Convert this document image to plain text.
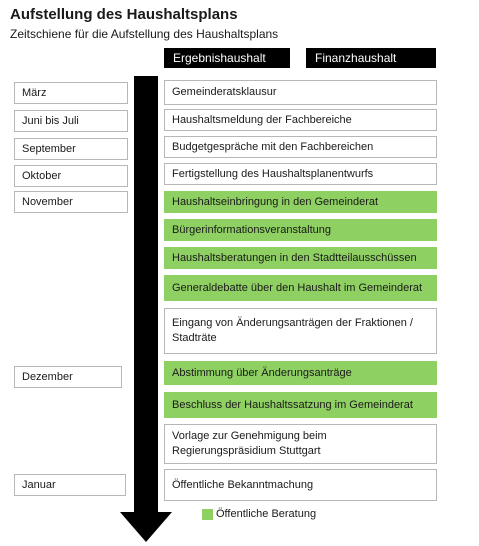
Aufstellung des Haushaltsplans
Zeitschiene für die Aufstellung des Haushaltsplans
Ergebnishaushalt	Finanzhaushalt
März
Juni bis Juli
September
Oktober
November
Dezember
Januar
Gemeinderatsklausur
Haushaltsmeldung der Fachbereiche
Budgetgespräche mit den Fachbereichen
Fertigstellung des Haushaltsplanentwurfs
Haushaltseinbringung in den Gemeinderat
Bürgerinformationsveranstaltung
Haushaltsberatungen in den Stadtteilausschüssen
Generaldebatte über den Haushalt im Gemeinderat
Eingang von Änderungsanträgen der Fraktionen / Stadträte
Abstimmung über Änderungsanträge
Beschluss der Haushaltssatzung im Gemeinderat
Vorlage zur Genehmigung beim Regierungspräsidium Stuttgart
Öffentliche Bekanntmachung
Öffentliche Beratung
